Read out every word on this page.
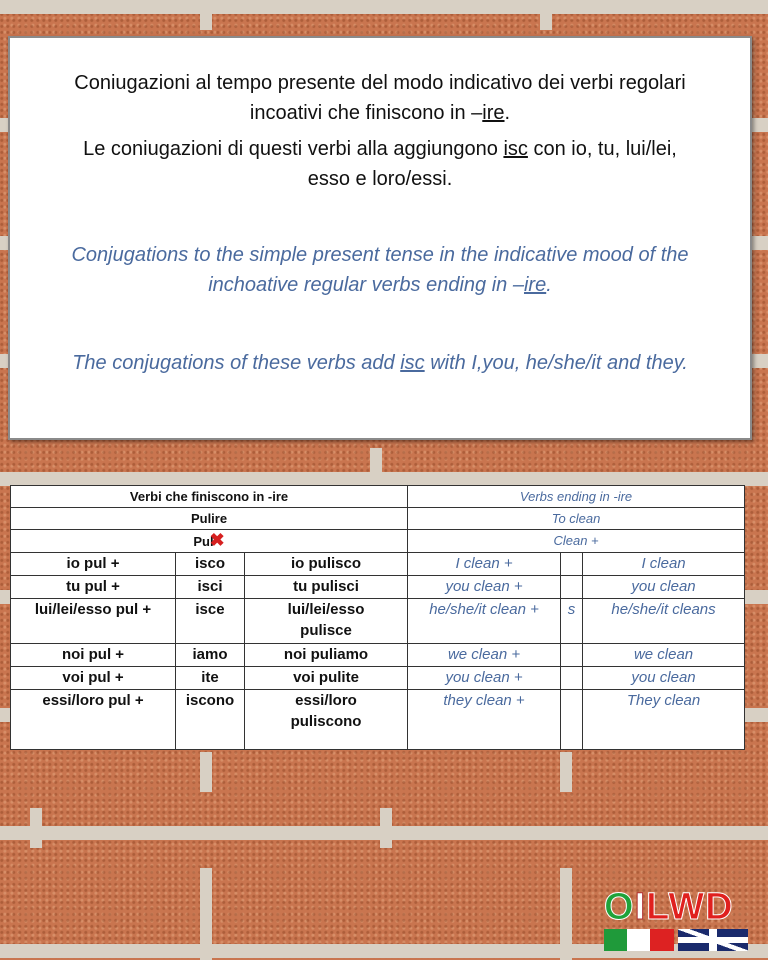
Coniugazioni al tempo presente del modo indicativo dei verbi regolari
incoativi che finiscono in –ire.

Le coniugazioni di questi verbi alla aggiungono isc con io, tu, lui/lei,
esso e loro/essi.

Conjugations to the simple present tense in the indicative mood of the
inchoative regular verbs ending in –ire.

The conjugations of these verbs add isc with I,you, he/she/it and they.

Verbi che finiscono in -ire			Verbs ending in -ire		
Pulire			To clean		
Pul✖			Clean +		
io pul +	isco	io pulisco	I clean +		I clean
tu pul +	isci	tu pulisci	you clean +		you clean
lui/lei/esso pul +	isce	lui/lei/esso pulisce	he/she/it clean +	s	he/she/it cleans
noi pul +	iamo	noi puliamo	we clean +		we clean
voi pul +	ite	voi pulite	you clean +		you clean
essi/loro pul +	iscono	essi/loro puliscono	they clean +		They clean
OILWD
